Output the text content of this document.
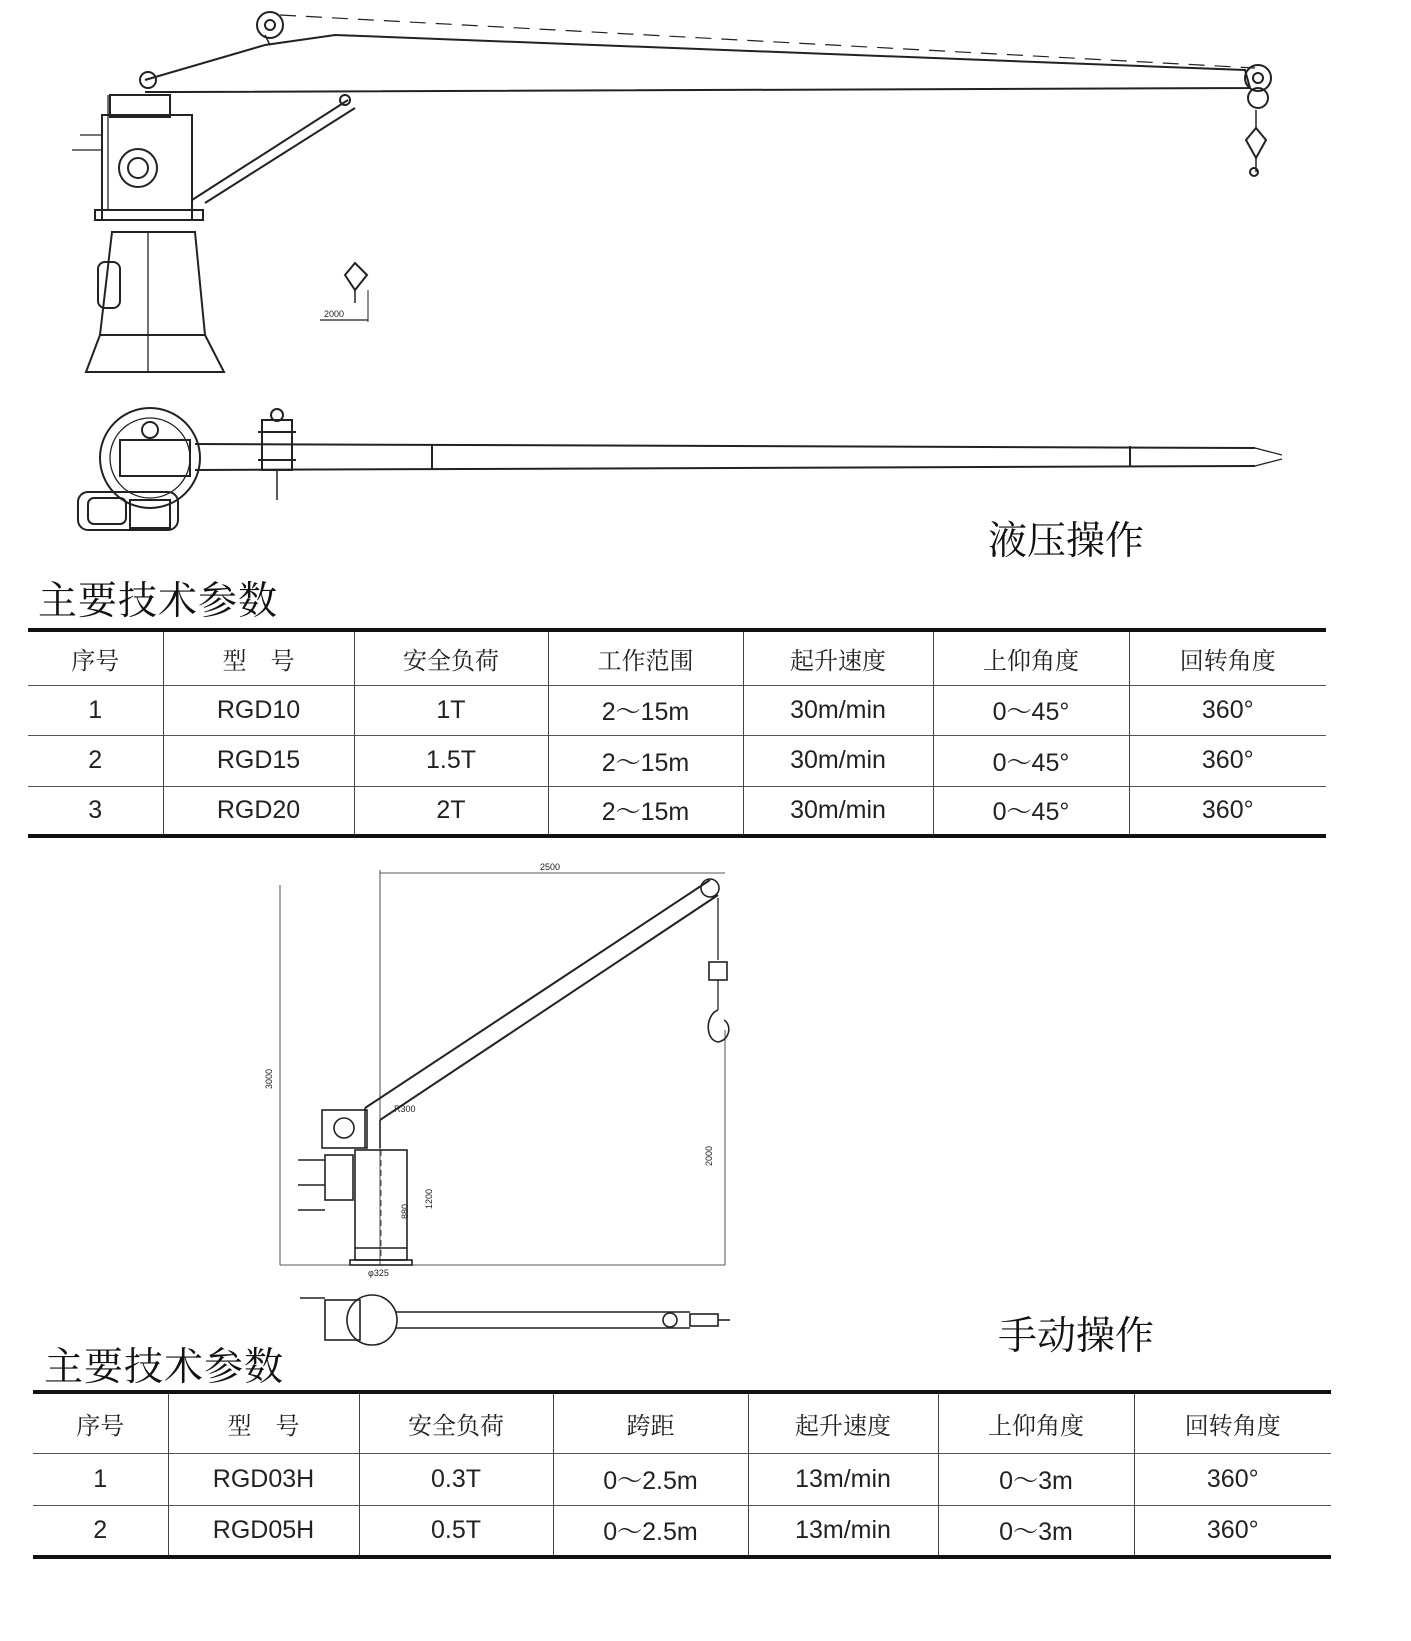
2000
液压操作
主要技术参数
序号	型　号	安全负荷	工作范围	起升速度	上仰角度	回转角度
1	RGD10	1T	2～15m	30m/min	0～45°	360°
2	RGD15	1.5T	2～15m	30m/min	0～45°	360°
3	RGD20	2T	2～15m	30m/min	0～45°	360°
2500
3000
2000
R300
1200
880
φ325
手动操作
主要技术参数
序号	型　号	安全负荷	跨距	起升速度	上仰角度	回转角度
1	RGD03H	0.3T	0～2.5m	13m/min	0～3m	360°
2	RGD05H	0.5T	0～2.5m	13m/min	0～3m	360°
